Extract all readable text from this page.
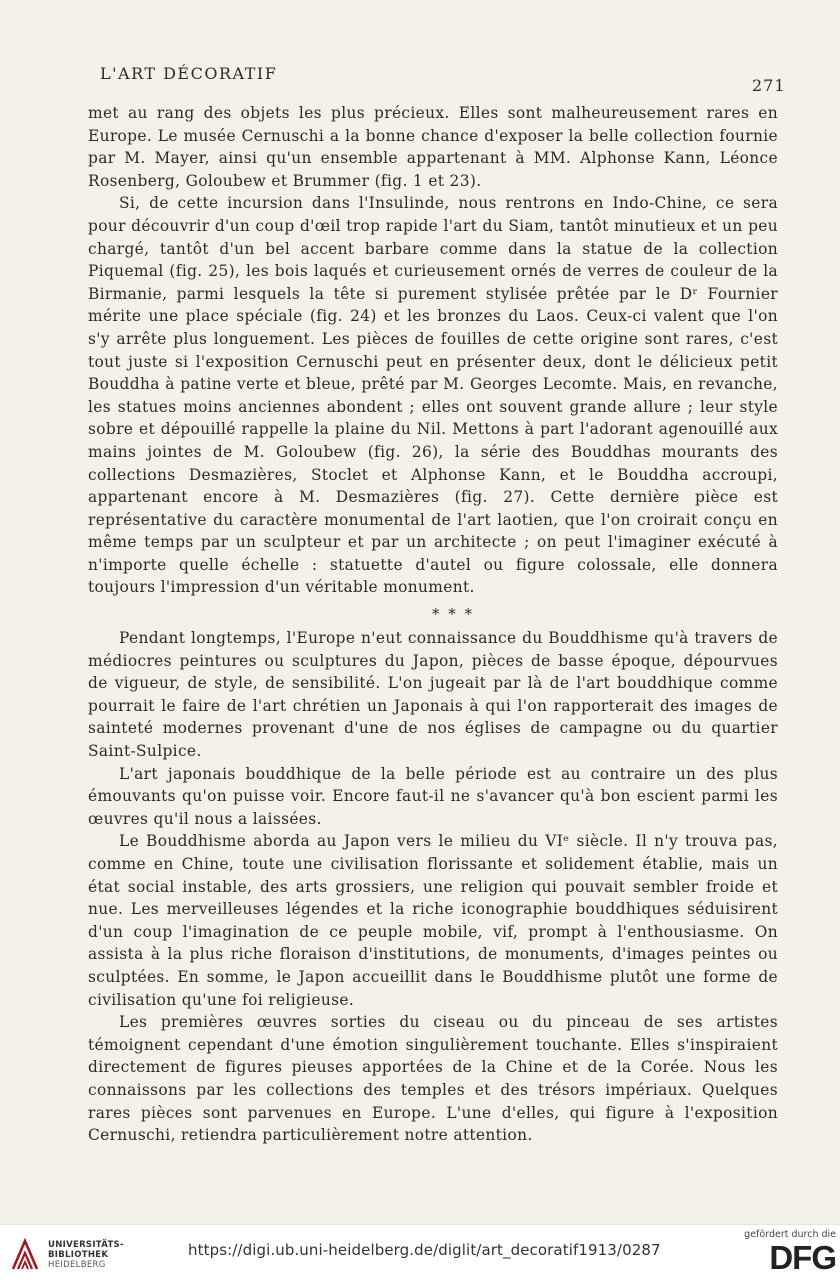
L'ART DÉCORATIF
271

met au rang des objets les plus précieux. Elles sont malheureusement rares en Europe. Le musée Cernuschi a la bonne chance d'exposer la belle collection fournie par M. Mayer, ainsi qu'un ensemble appartenant à MM. Alphonse Kann, Léonce Rosenberg, Goloubew et Brummer (fig. 1 et 23).

Si, de cette incursion dans l'Insulinde, nous rentrons en Indo-Chine, ce sera pour découvrir d'un coup d'œil trop rapide l'art du Siam, tantôt minutieux et un peu chargé, tantôt d'un bel accent barbare comme dans la statue de la collection Piquemal (fig. 25), les bois laqués et curieusement ornés de verres de couleur de la Birmanie, parmi lesquels la tête si purement stylisée prêtée par le Dʳ Fournier mérite une place spéciale (fig. 24) et les bronzes du Laos. Ceux-ci valent que l'on s'y arrête plus longuement. Les pièces de fouilles de cette origine sont rares, c'est tout juste si l'exposition Cernuschi peut en présenter deux, dont le délicieux petit Bouddha à patine verte et bleue, prêté par M. Georges Lecomte. Mais, en revanche, les statues moins anciennes abondent ; elles ont souvent grande allure ; leur style sobre et dépouillé rappelle la plaine du Nil. Mettons à part l'adorant agenouillé aux mains jointes de M. Goloubew (fig. 26), la série des Bouddhas mourants des collections Desmazières, Stoclet et Alphonse Kann, et le Bouddha accroupi, appartenant encore à M. Desmazières (fig. 27). Cette dernière pièce est représentative du caractère monumental de l'art laotien, que l'on croirait conçu en même temps par un sculpteur et par un architecte ; on peut l'imaginer exécuté à n'importe quelle échelle : statuette d'autel ou figure colossale, elle donnera toujours l'impression d'un véritable monument.

* * *

Pendant longtemps, l'Europe n'eut connaissance du Bouddhisme qu'à travers de médiocres peintures ou sculptures du Japon, pièces de basse époque, dépourvues de vigueur, de style, de sensibilité. L'on jugeait par là de l'art bouddhique comme pourrait le faire de l'art chrétien un Japonais à qui l'on rapporterait des images de sainteté modernes provenant d'une de nos églises de campagne ou du quartier Saint-Sulpice.

L'art japonais bouddhique de la belle période est au contraire un des plus émouvants qu'on puisse voir. Encore faut-il ne s'avancer qu'à bon escient parmi les œuvres qu'il nous a laissées.

Le Bouddhisme aborda au Japon vers le milieu du VIᵉ siècle. Il n'y trouva pas, comme en Chine, toute une civilisation florissante et solidement établie, mais un état social instable, des arts grossiers, une religion qui pouvait sembler froide et nue. Les merveilleuses légendes et la riche iconographie bouddhiques séduisirent d'un coup l'imagination de ce peuple mobile, vif, prompt à l'enthousiasme. On assista à la plus riche floraison d'institutions, de monuments, d'images peintes ou sculptées. En somme, le Japon accueillit dans le Bouddhisme plutôt une forme de civilisation qu'une foi religieuse.

Les premières œuvres sorties du ciseau ou du pinceau de ses artistes témoignent cependant d'une émotion singulièrement touchante. Elles s'inspiraient directement de figures pieuses apportées de la Chine et de la Corée. Nous les connaissons par les collections des temples et des trésors impériaux. Quelques rares pièces sont parvenues en Europe. L'une d'elles, qui figure à l'exposition Cernuschi, retiendra particulièrement notre attention.

UNIVERSITÄTS-
BIBLIOTHEK
HEIDELBERG
https://digi.ub.uni-heidelberg.de/diglit/art_decoratif1913/0287
gefördert durch die
DFG
